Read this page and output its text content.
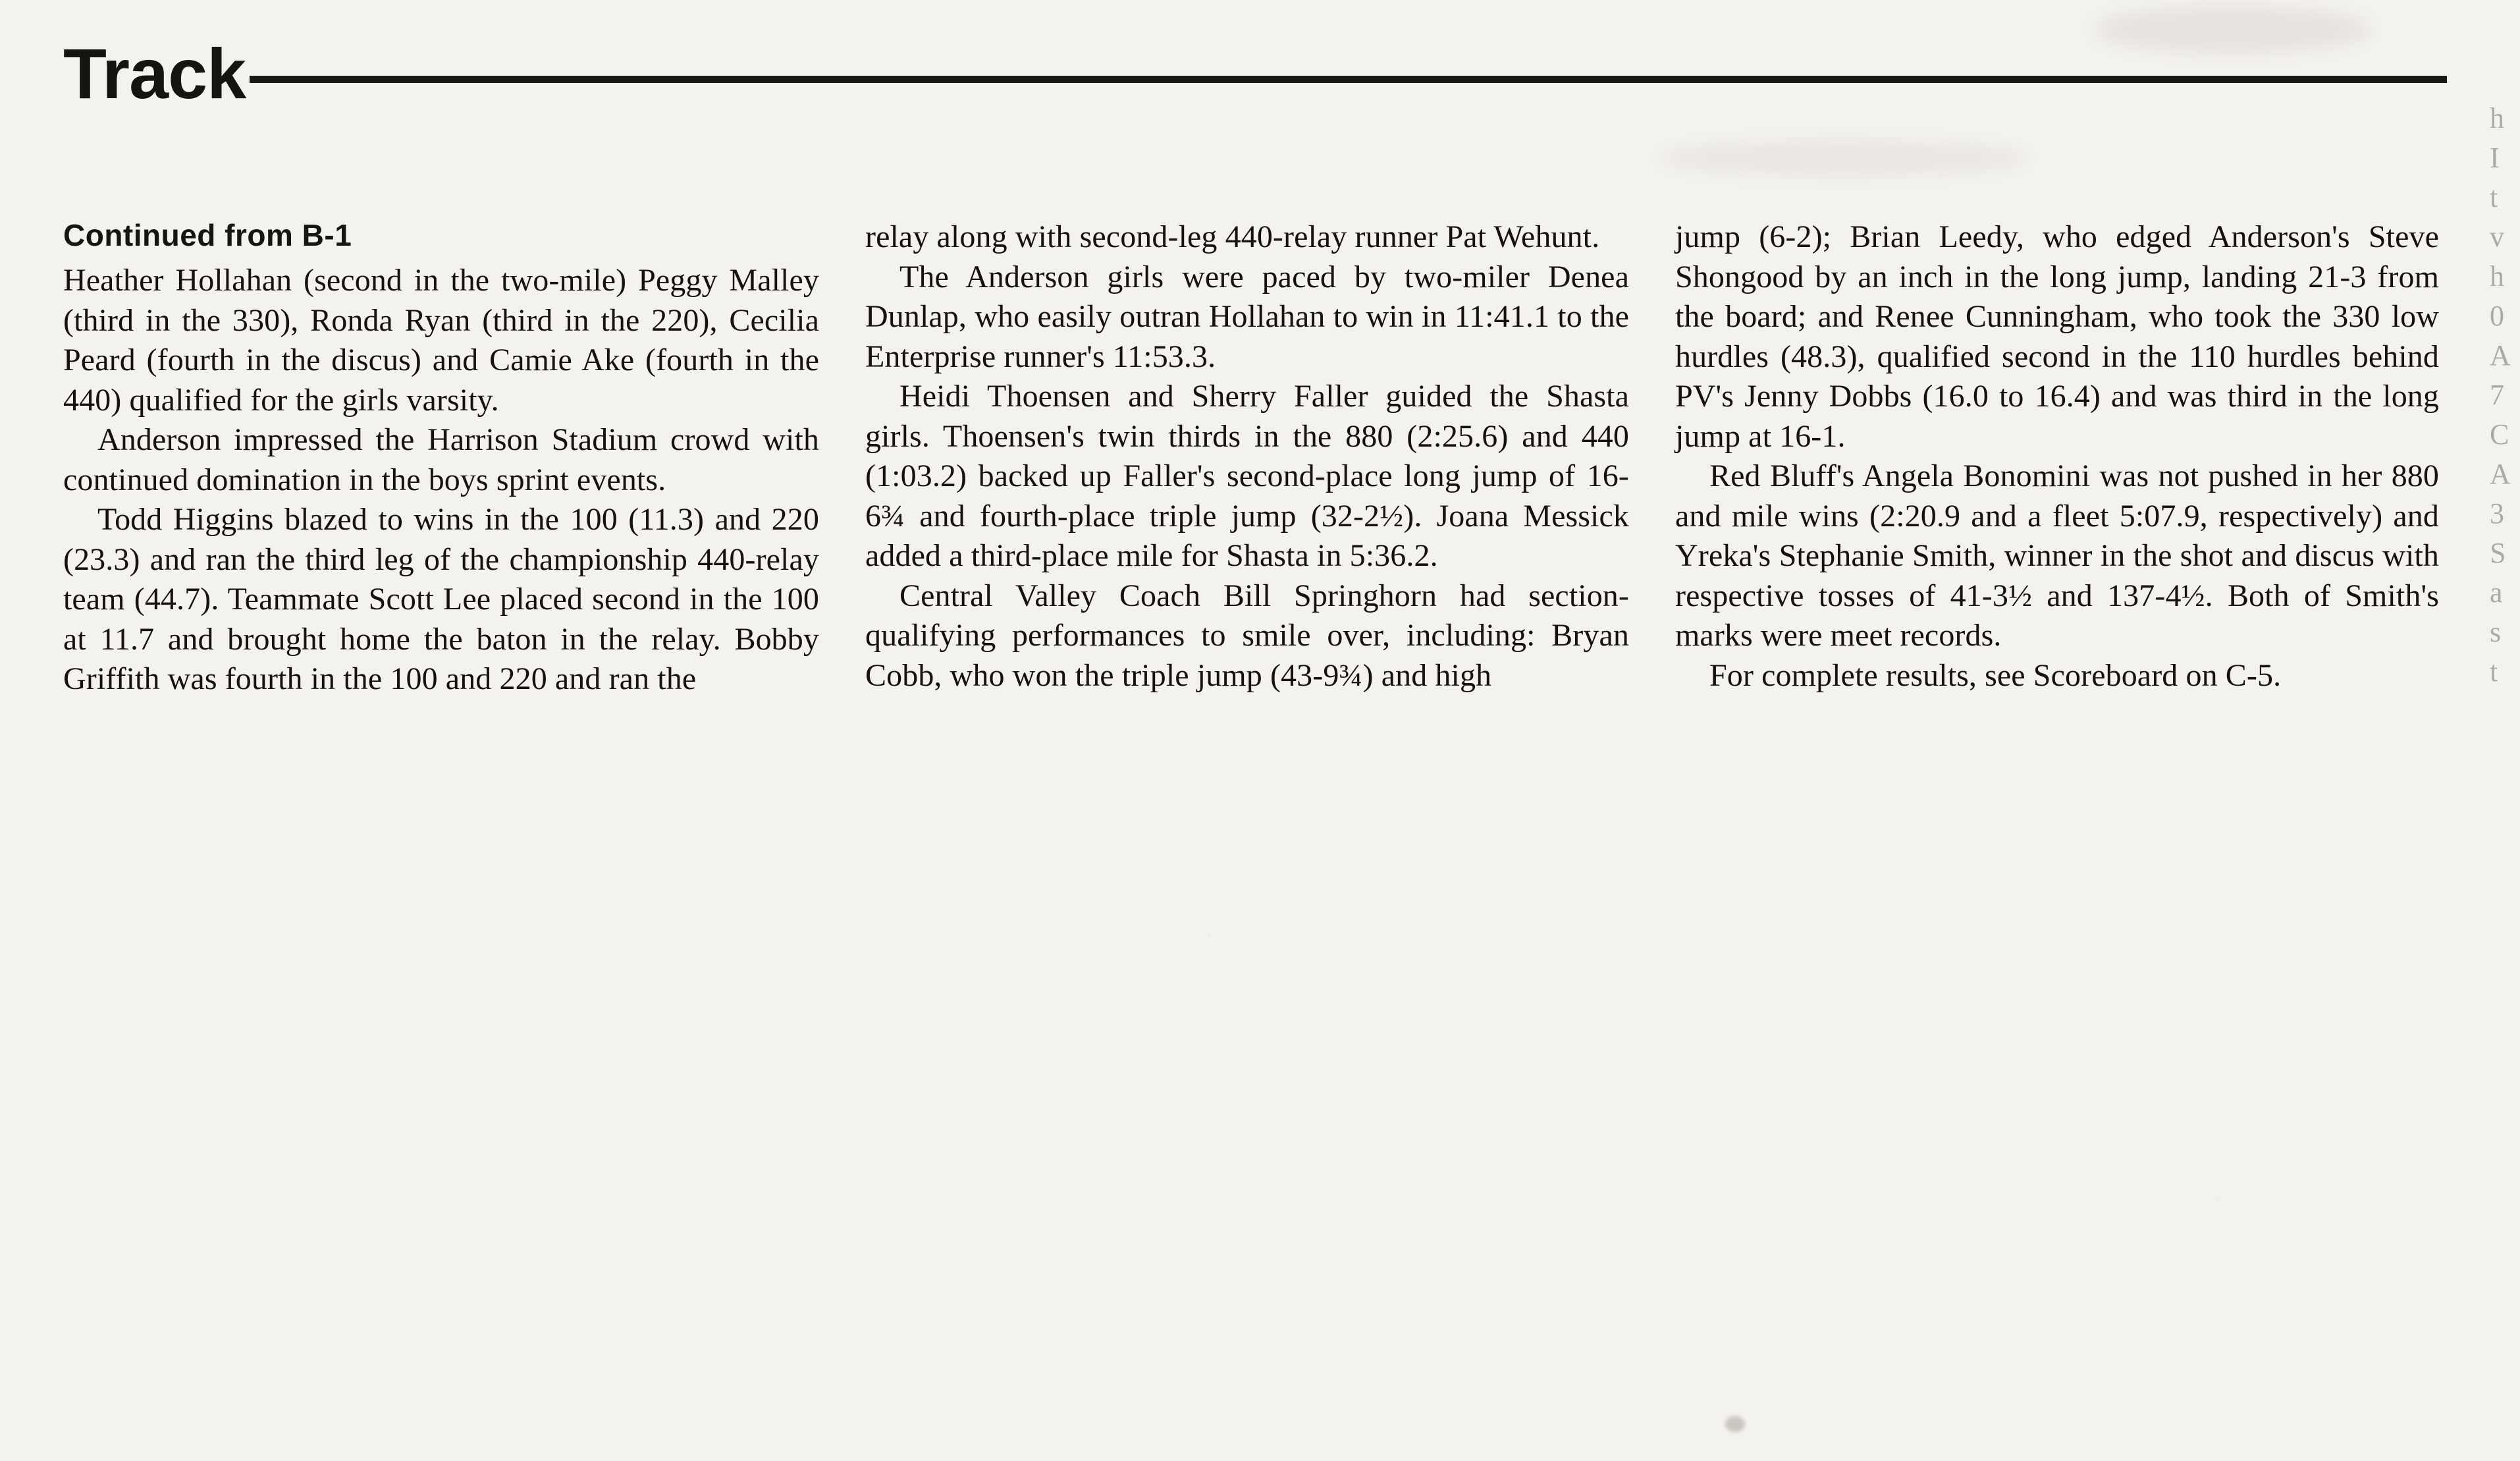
Track
Continued from B-1

Heather Hollahan (second in the two-mile) Peggy Malley (third in the 330), Ronda Ryan (third in the 220), Cecilia Peard (fourth in the discus) and Camie Ake (fourth in the 440) qualified for the girls varsity.

Anderson impressed the Harrison Stadium crowd with continued domination in the boys sprint events.

Todd Higgins blazed to wins in the 100 (11.3) and 220 (23.3) and ran the third leg of the championship 440-relay team (44.7). Teammate Scott Lee placed second in the 100 at 11.7 and brought home the baton in the relay. Bobby Griffith was fourth in the 100 and 220 and ran the

relay along with second-leg 440-relay runner Pat Wehunt.

The Anderson girls were paced by two-miler Denea Dunlap, who easily outran Hollahan to win in 11:41.1 to the Enterprise runner's 11:53.3.

Heidi Thoensen and Sherry Faller guided the Shasta girls. Thoensen's twin thirds in the 880 (2:25.6) and 440 (1:03.2) backed up Faller's second-place long jump of 16-6¾ and fourth-place triple jump (32-2½). Joana Messick added a third-place mile for Shasta in 5:36.2.

Central Valley Coach Bill Springhorn had section-qualifying performances to smile over, including: Bryan Cobb, who won the triple jump (43-9¾) and high

jump (6-2); Brian Leedy, who edged Anderson's Steve Shongood by an inch in the long jump, landing 21-3 from the board; and Renee Cunningham, who took the 330 low hurdles (48.3), qualified second in the 110 hurdles behind PV's Jenny Dobbs (16.0 to 16.4) and was third in the long jump at 16-1.

Red Bluff's Angela Bonomini was not pushed in her 880 and mile wins (2:20.9 and a fleet 5:07.9, respectively) and Yreka's Stephanie Smith, winner in the shot and discus with respective tosses of 41-3½ and 137-4½. Both of Smith's marks were meet records.

For complete results, see Scoreboard on C-5.

h
I
t
v
h
0
A
7
C
A
3
S
a
s
t
